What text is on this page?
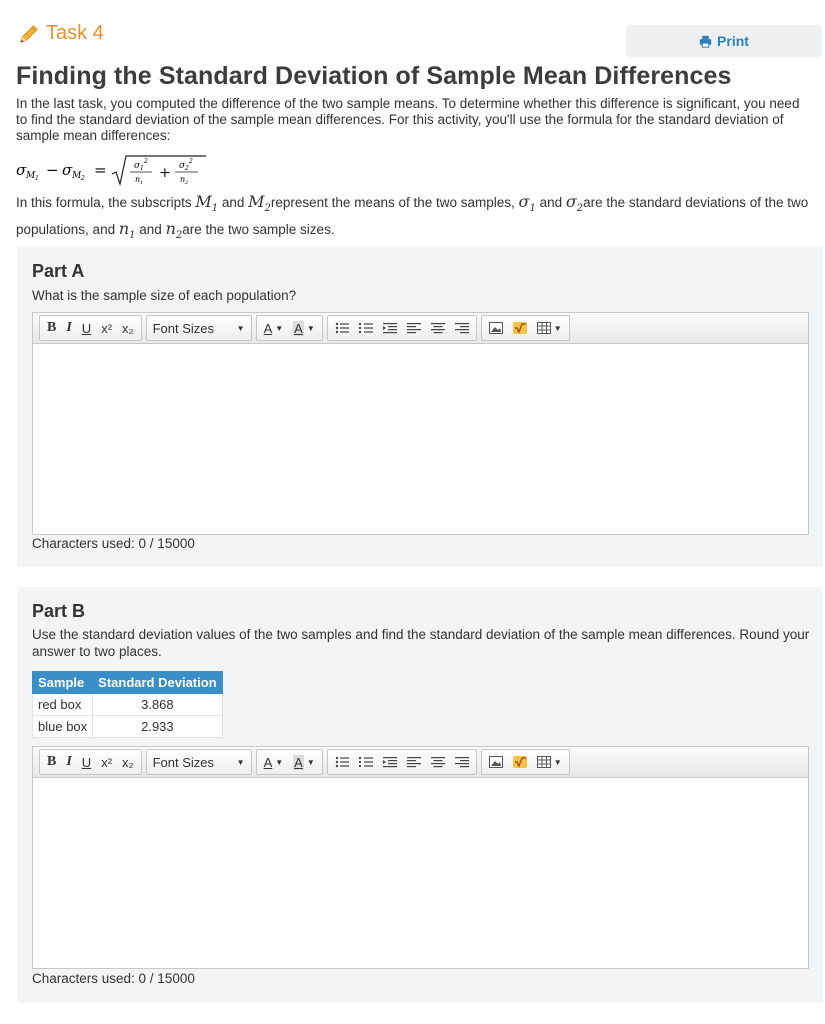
Task 4	Print
Finding the Standard Deviation of Sample Mean Differences
In the last task, you computed the difference of the two sample means. To determine whether this difference is significant, you need to find the standard deviation of the sample mean differences. For this activity, you'll use the formula for the standard deviation of sample mean differences:
σ M 1 − σ M 2 =	σ 1
2
n 1
+ σ 2
2
n 2
In this formula, the subscripts $M_1$ and $M_2represent$ the means of the two samples, $\sigma_1$ and $\sigma_2are$ the standard deviations of the two populations, and $n_1$ and $n_2are$ the two sample sizes.
Part A
What is the sample size of each population?
B I U x² x₂	Font Sizes	▼ A ▼ A ▼	▼
Characters used: 0 / 15000
Part B
Use the standard deviation values of the two samples and find the standard deviation of the sample mean differences. Round your answer to two places.
Sample	Standard Deviation
red box	3.868
blue box	2.933
B I U x² x₂	Font Sizes	▼ A ▼ A ▼	▼
Characters used: 0 / 15000
